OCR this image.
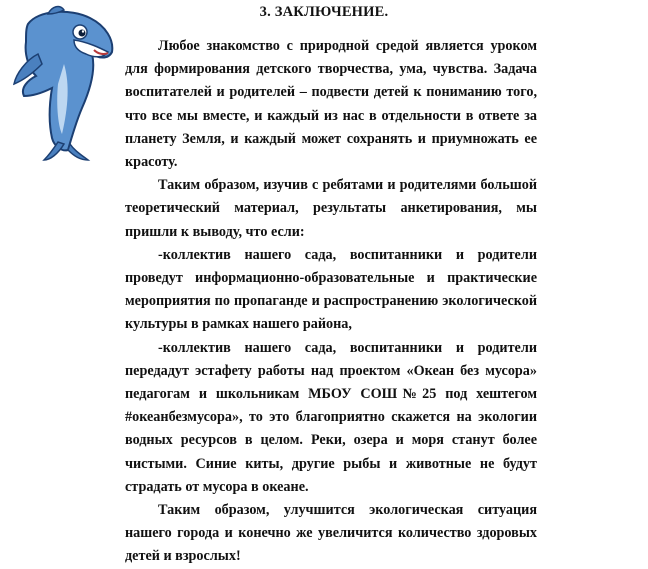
3. ЗАКЛЮЧЕНИЕ.

Любое знакомство с природной средой является уроком

для формирования детского творчества, ума, чувства. Задача

воспитателей и родителей – подвести детей к пониманию того,

что все мы вместе, и каждый из нас в отдельности в ответе за

планету Земля, и каждый может сохранять и приумножать ее

красоту.

Таким образом, изучив с ребятами и родителями большой

теоретический материал, результаты анкетирования, мы

пришли к выводу, что если:

-коллектив нашего сада, воспитанники и родители

проведут информационно-образовательные и практические

мероприятия по пропаганде и распространению экологической

культуры в рамках нашего района,

-коллектив нашего сада, воспитанники и родители

передадут эстафету работы над проектом «Океан без мусора»

педагогам и школьникам МБОУ СОШ№25 под хештегом

#океанбезмусора», то это благоприятно скажется на экологии

водных ресурсов в целом. Реки, озера и моря станут более

чистыми. Синие киты, другие рыбы и животные не будут

страдать от мусора в океане.

Таким образом, улучшится экологическая ситуация

нашего города и конечно же увеличится количество здоровых

детей и взрослых!
